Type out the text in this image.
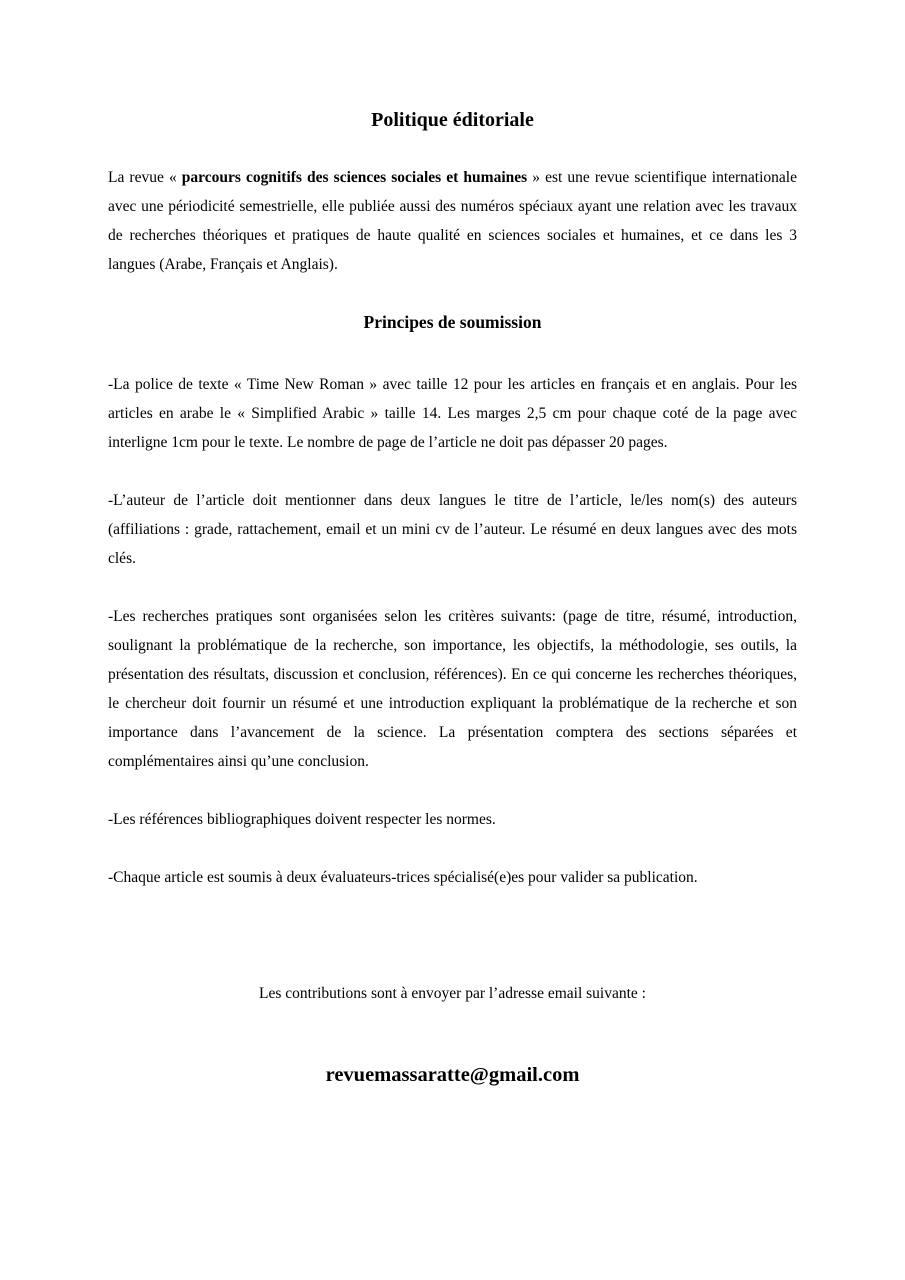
Politique éditoriale

La revue « parcours cognitifs des sciences sociales et humaines » est une revue scientifique internationale avec une périodicité semestrielle, elle publiée aussi des numéros spéciaux ayant une relation avec les travaux de recherches théoriques et pratiques de haute qualité en sciences sociales et humaines, et ce dans les 3 langues (Arabe, Français et Anglais).

Principes de soumission

-La police de texte « Time New Roman » avec taille 12 pour les articles en français et en anglais. Pour les articles en arabe le « Simplified Arabic » taille 14. Les marges 2,5 cm pour chaque coté de la page avec interligne 1cm pour le texte. Le nombre de page de l’article ne doit pas dépasser 20 pages.

-L’auteur de l’article doit mentionner dans deux langues le titre de l’article, le/les nom(s) des auteurs (affiliations : grade, rattachement, email et un mini cv de l’auteur. Le résumé en deux langues avec des mots clés.

-Les recherches pratiques sont organisées selon les critères suivants: (page de titre, résumé, introduction, soulignant la problématique de la recherche, son importance, les objectifs, la méthodologie, ses outils, la présentation des résultats, discussion et conclusion, références). En ce qui concerne les recherches théoriques, le chercheur doit fournir un résumé et une introduction expliquant la problématique de la recherche et son importance dans l’avancement de la science. La présentation comptera des sections séparées et complémentaires ainsi qu’une conclusion.

-Les références bibliographiques doivent respecter les normes.

-Chaque article est soumis à deux évaluateurs-trices spécialisé(e)es pour valider sa publication.

Les contributions sont à envoyer par l’adresse email suivante :

revuemassaratte@gmail.com
